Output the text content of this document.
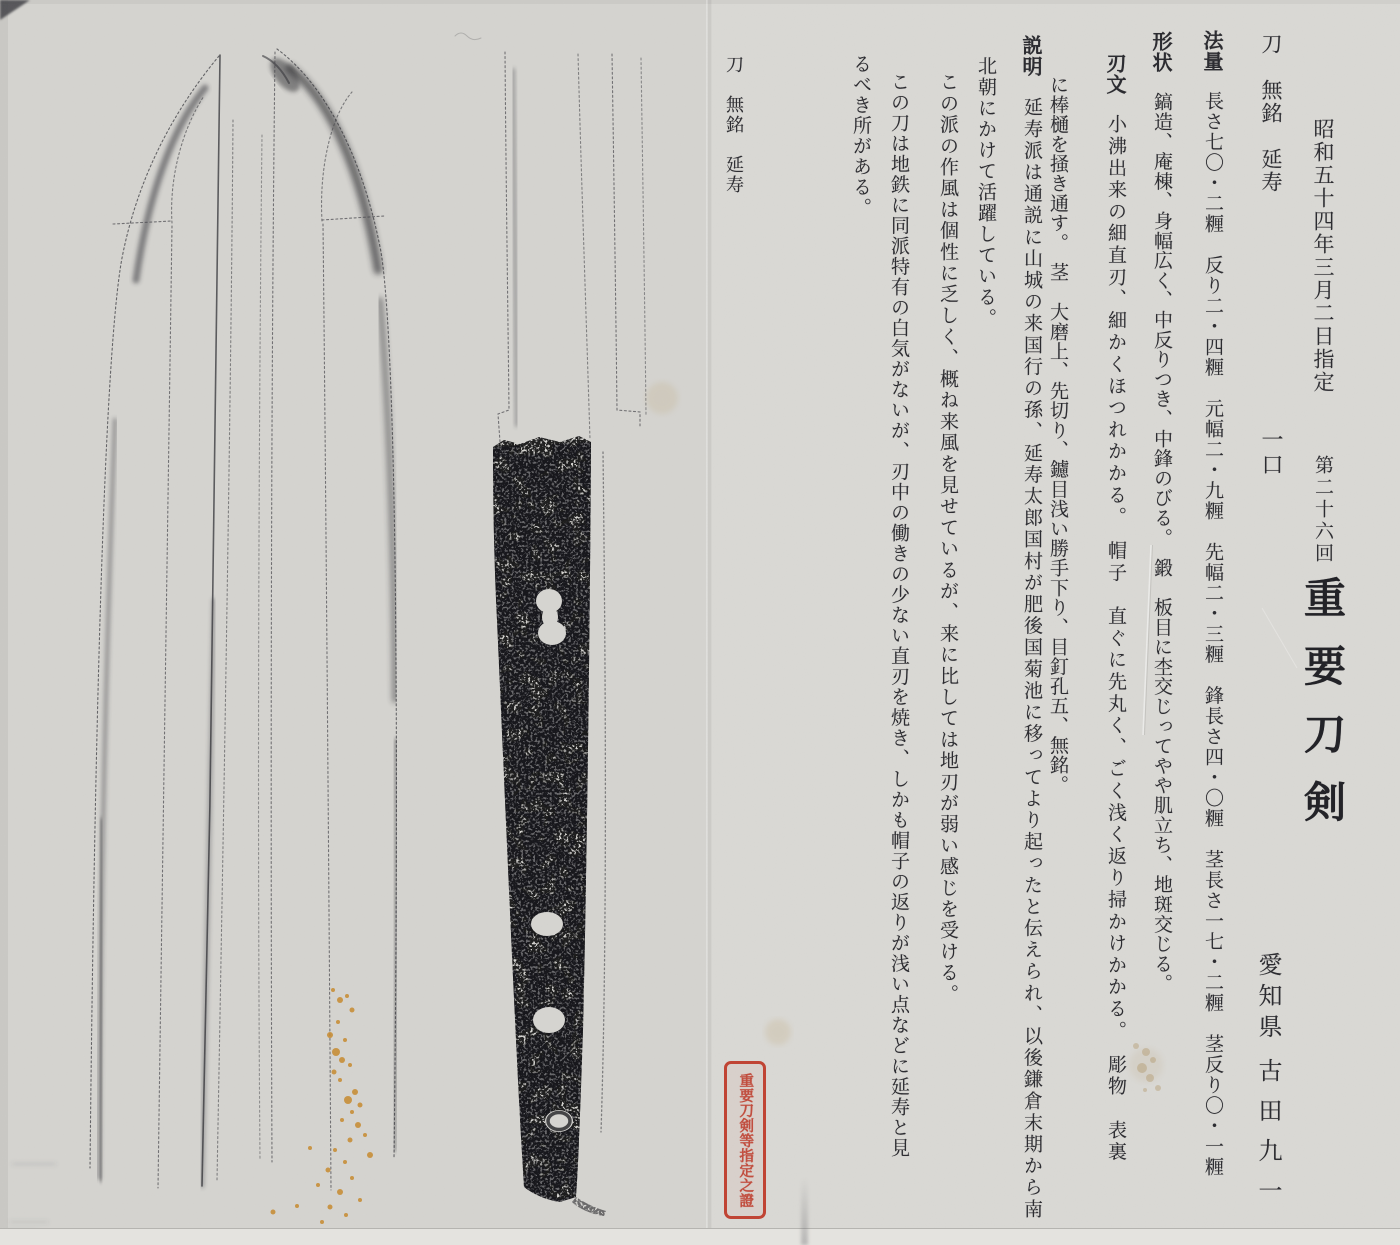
昭和五十四年三月二日指定
第二十六回
重要刀剣
刀　無銘　延寿
一口
愛知県
古田九一
法量
長さ七〇・二糎　反り二・四糎　元幅二・九糎　先幅二・三糎　鋒長さ四・〇糎　茎長さ一七・二糎　茎反り〇・一糎
形状
鎬造、庵棟、身幅広く、中反りつき、中鋒のびる。　鍛　板目に杢交じってやや肌立ち、地斑交じる。
刃文
小沸出来の細直刃、細かくほつれかかる。　帽子　直ぐに先丸く、ごく浅く返り掃かけかかる。　彫物　表裏
に棒樋を掻き通す。　茎　大磨上、先切り、鑢目浅い勝手下り、目釘孔五、無銘。
説明
延寿派は通説に山城の来国行の孫、延寿太郎国村が肥後国菊池に移ってより起ったと伝えられ、以後鎌倉末期から南
北朝にかけて活躍している。
この派の作風は個性に乏しく、概ね来風を見せているが、来に比しては地刃が弱い感じを受ける。
この刀は地鉄に同派特有の白気がないが、刃中の働きの少ない直刃を焼き、しかも帽子の返りが浅い点などに延寿と見
るべき所がある。
刀　無銘　延寿
重要刀剣等指定之證
